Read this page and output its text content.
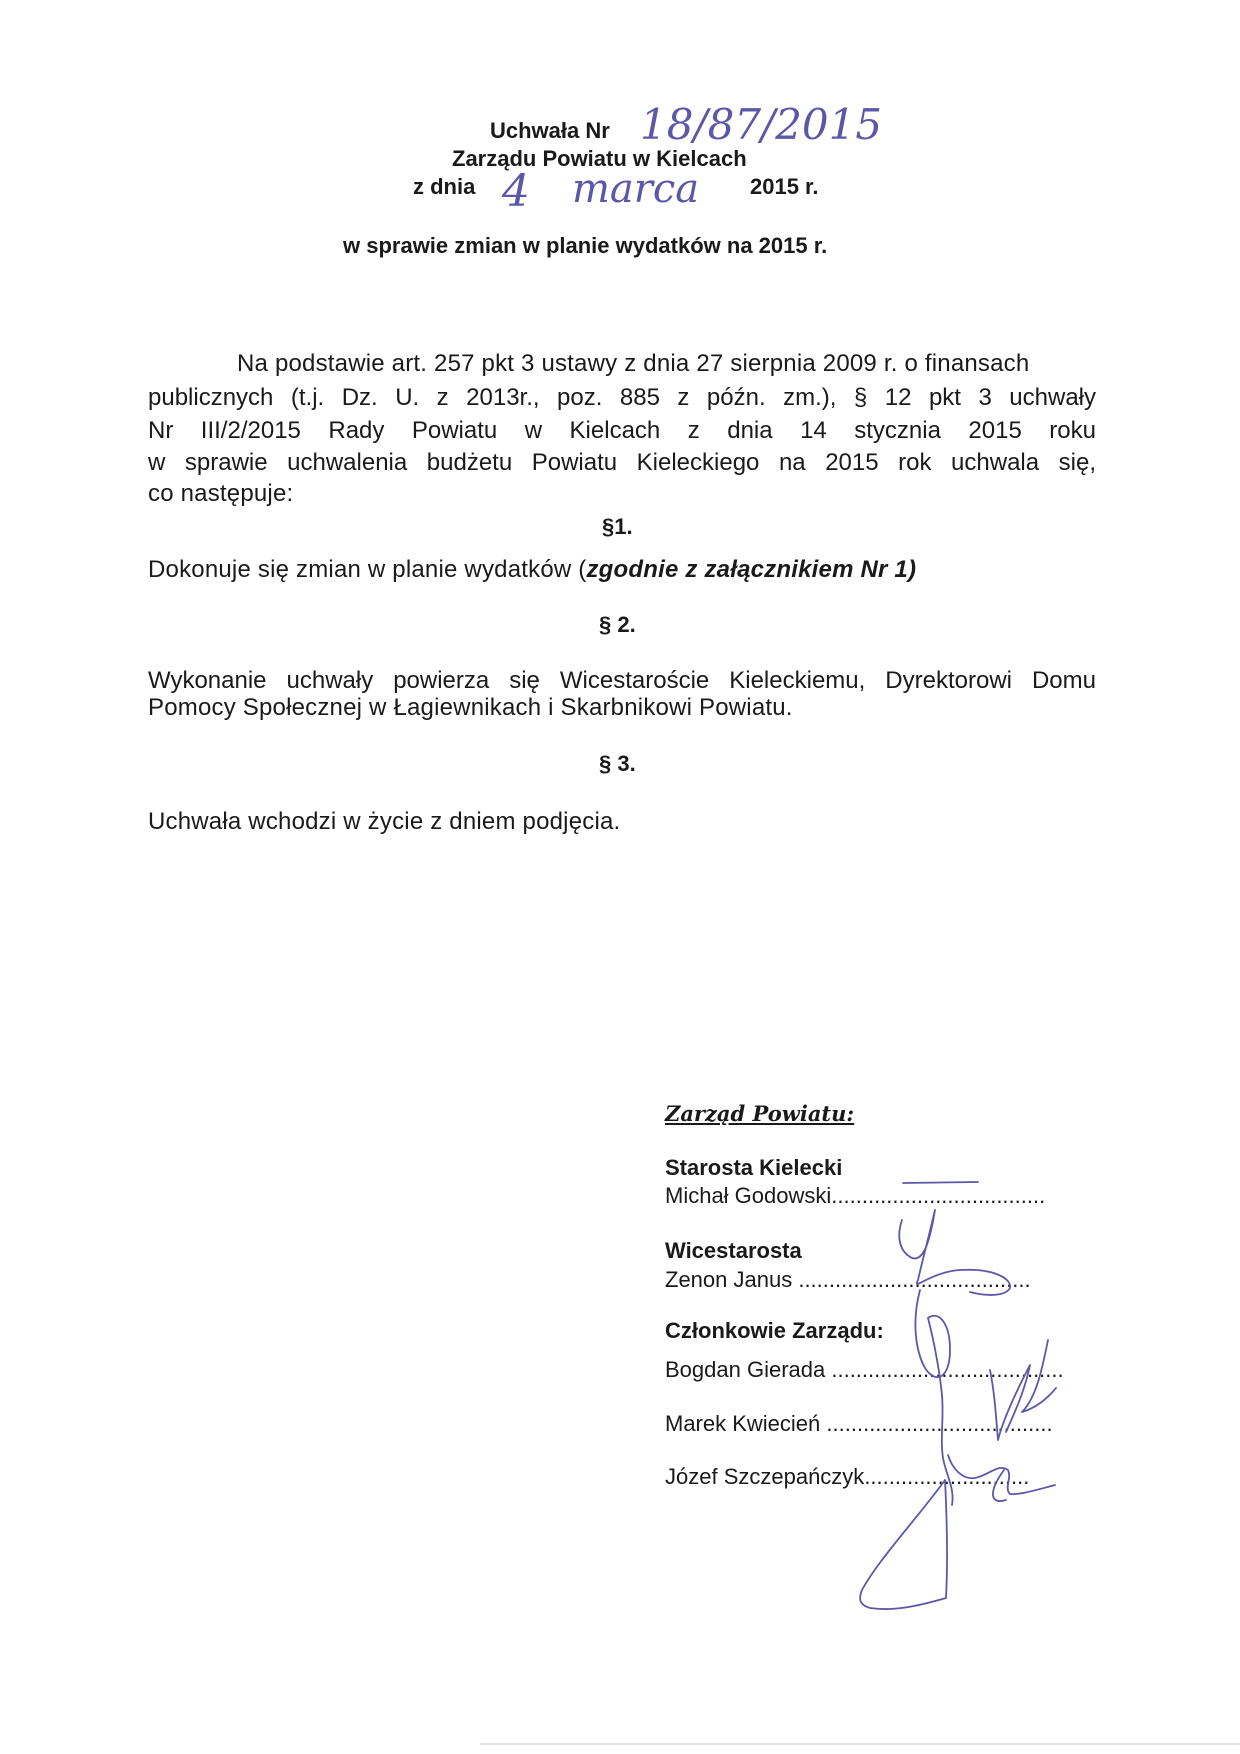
Uchwała Nr 18/87/2015
Zarządu Powiatu w Kielcach
z dnia 4 marca 2015 r.
w sprawie zmian w planie wydatków na 2015 r.
Na podstawie art. 257 pkt 3 ustawy z dnia 27 sierpnia 2009 r. o finansach
publicznych (t.j. Dz. U. z 2013r., poz. 885 z późn. zm.), § 12 pkt 3 uchwały
Nr III/2/2015 Rady Powiatu w Kielcach z dnia 14 stycznia 2015 roku
w sprawie uchwalenia budżetu Powiatu Kieleckiego na 2015 rok uchwala się,
co następuje:
§1.
Dokonuje się zmian w planie wydatków (zgodnie z załącznikiem Nr 1)
§ 2.
Wykonanie uchwały powierza się Wicestaroście Kieleckiemu, Dyrektorowi Domu
Pomocy Społecznej w Łagiewnikach i Skarbnikowi Powiatu.
§ 3.
Uchwała wchodzi w życie z dniem podjęcia.
Zarząd Powiatu:
Starosta Kielecki
Michał Godowski...................................
Wicestarosta
Zenon Janus ......................................
Członkowie Zarządu:
Bogdan Gierada ......................................
Marek Kwiecień .....................................
Józef Szczepańczyk...........................
